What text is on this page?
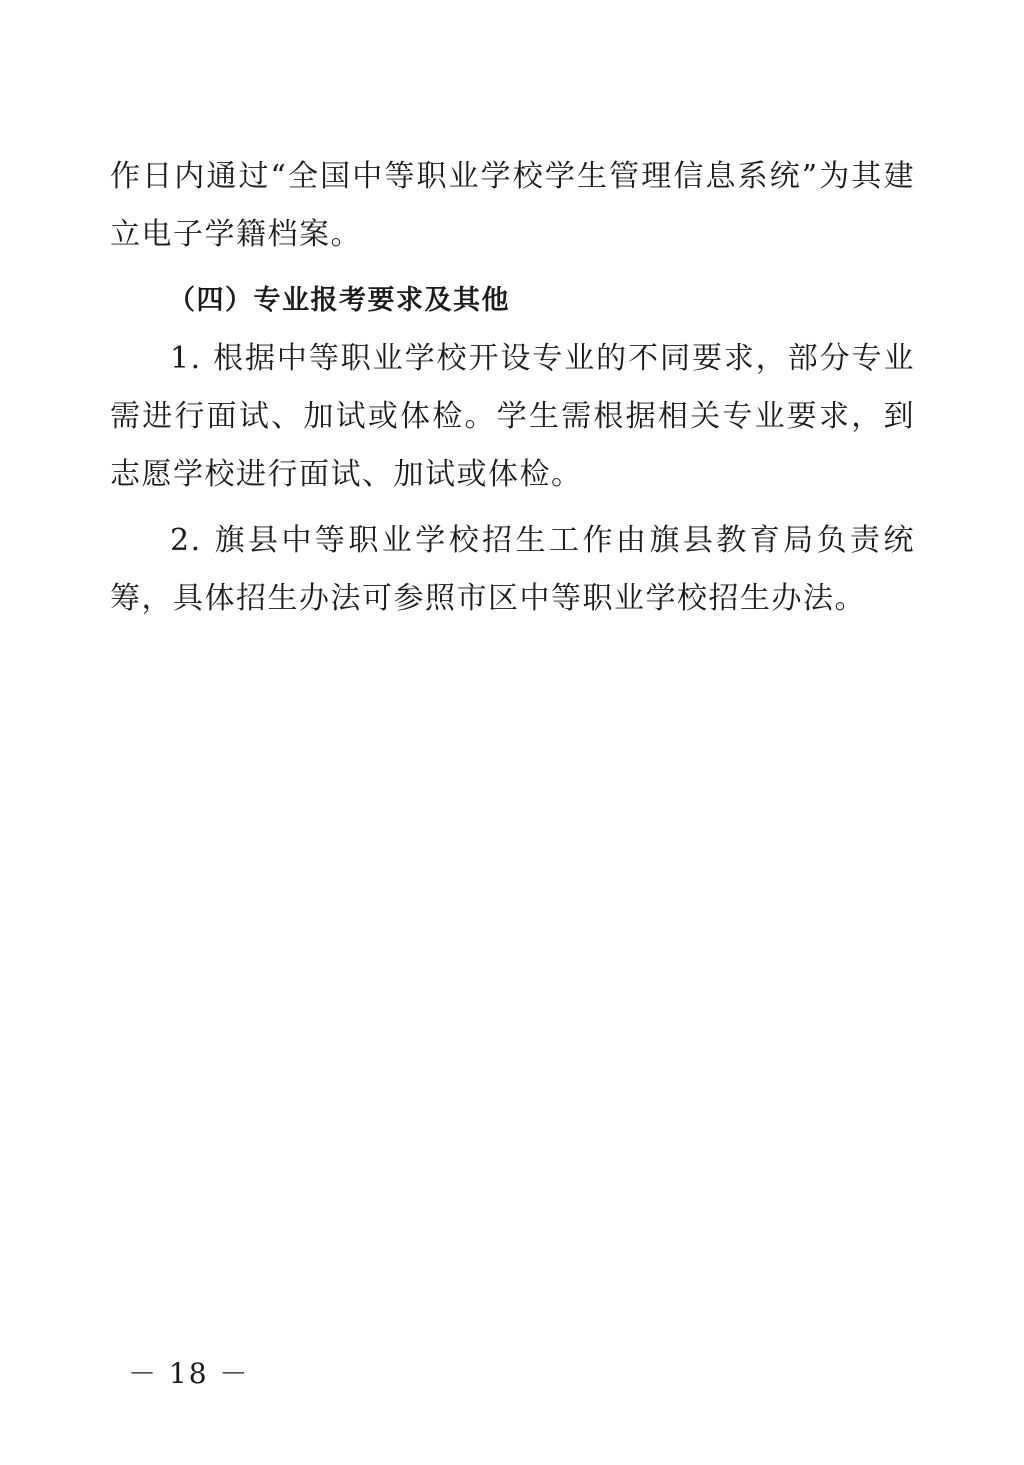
作日内通过“全国中等职业学校学生管理信息系统”为其建立电子学籍档案。

（四）专业报考要求及其他

1. 根据中等职业学校开设专业的不同要求，部分专业需进行面试、加试或体检。学生需根据相关专业要求，到志愿学校进行面试、加试或体检。

2. 旗县中等职业学校招生工作由旗县教育局负责统筹，具体招生办法可参照市区中等职业学校招生办法。

－ 18 －
